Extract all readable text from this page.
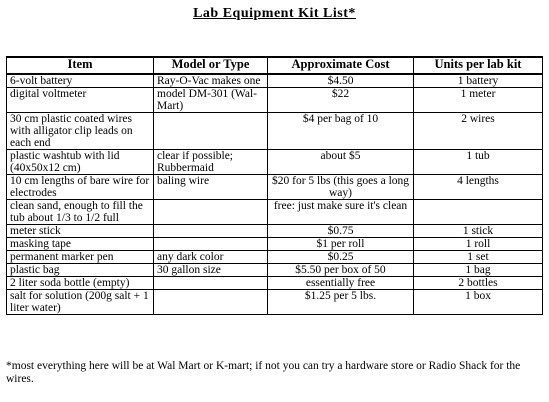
Lab Equipment Kit List*
Item	Model or Type	Approximate Cost	Units per lab kit
6-volt battery	Ray-O-Vac makes one	$4.50	1 battery
digital voltmeter	model DM-301 (Wal-Mart)	$22	1 meter
30 cm plastic coated wires with alligator clip leads on each end		$4 per bag of 10	2 wires
plastic washtub with lid (40x50x12 cm)	clear if possible; Rubbermaid	about $5	1 tub
10 cm lengths of bare wire for electrodes	baling wire	$20 for 5 lbs (this goes a long way)	4 lengths
clean sand, enough to fill the tub about 1/3 to 1/2 full		free: just make sure it's clean	
meter stick		$0.75	1 stick
masking tape		$1 per roll	1 roll
permanent marker pen	any dark color	$0.25	1 set
plastic bag	30 gallon size	$5.50 per box of 50	1 bag
2 liter soda bottle (empty)		essentially free	2 bottles
salt for solution (200g salt + 1 liter water)		$1.25 per 5 lbs.	1 box
*most everything here will be at Wal Mart or K-mart; if not you can try a hardware store or Radio Shack for the wires.
